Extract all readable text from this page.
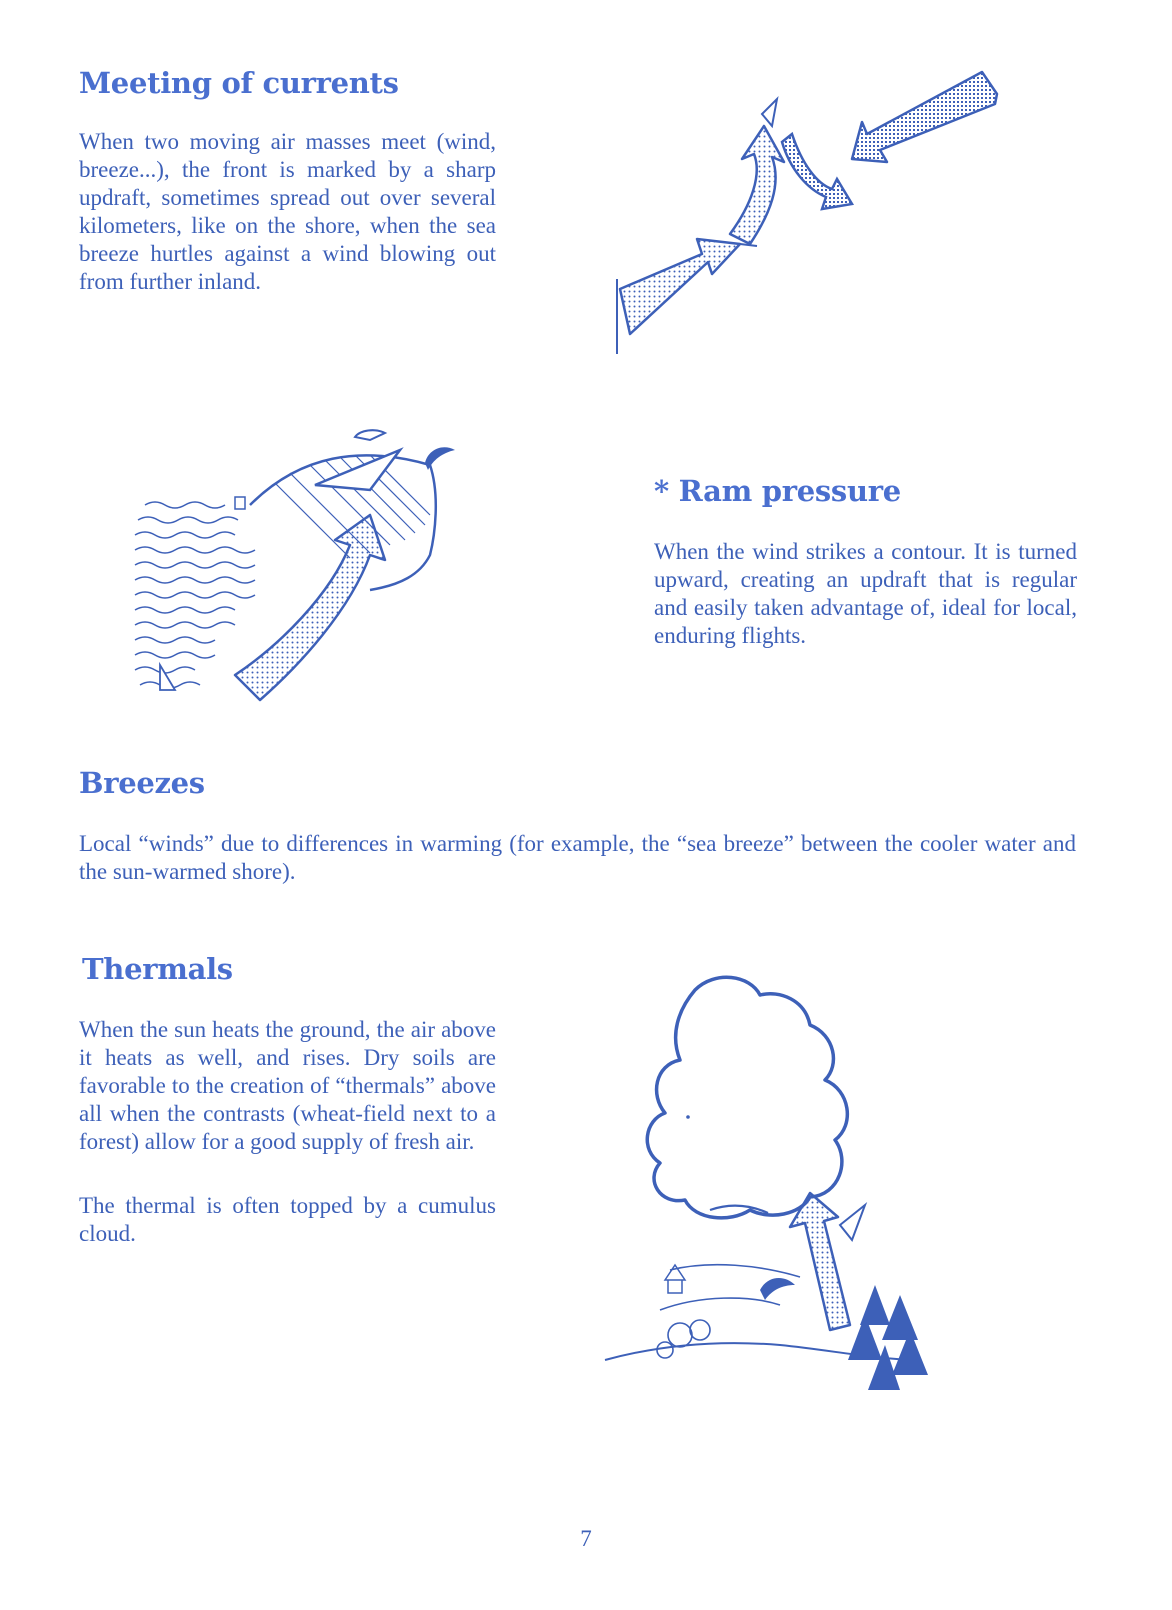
Meeting of currents

When two moving air masses meet (wind, breeze...), the front is marked by a sharp updraft, sometimes spread out over several kilometers, like on the shore, when the sea breeze hurtles against a wind blowing out from further inland.

* Ram pressure

When the wind strikes a contour. It is turned upward, creating an updraft that is regular and easily taken advantage of, ideal for local, enduring flights.

Breezes

Local “winds” due to differences in warming (for example, the “sea breeze” between the cooler water and the sun-warmed shore).

Thermals

When the sun heats the ground, the air above it heats as well, and rises. Dry soils are favorable to the creation of “thermals” above all when the contrasts (wheat-field next to a forest) allow for a good supply of fresh air.

The thermal is often topped by a cumulus cloud.

7
